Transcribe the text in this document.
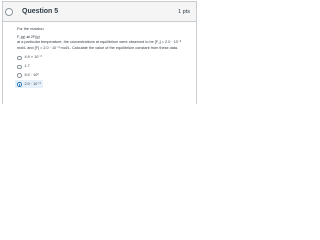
Question 5	1 pts

For the reaction

F₂(g) ⇌ 2F(g)

at a particular temperature, the concentrations at equilibrium were observed to be [F₂] = 2.0 · 10⁻³

mol/L and [F] = 2.0 · 10⁻³ mol/L. Calculate the value of the equilibrium constant from these data.

4.9 × 10⁻³
1.7
5.0 · 10²
2.0 · 10⁻³
